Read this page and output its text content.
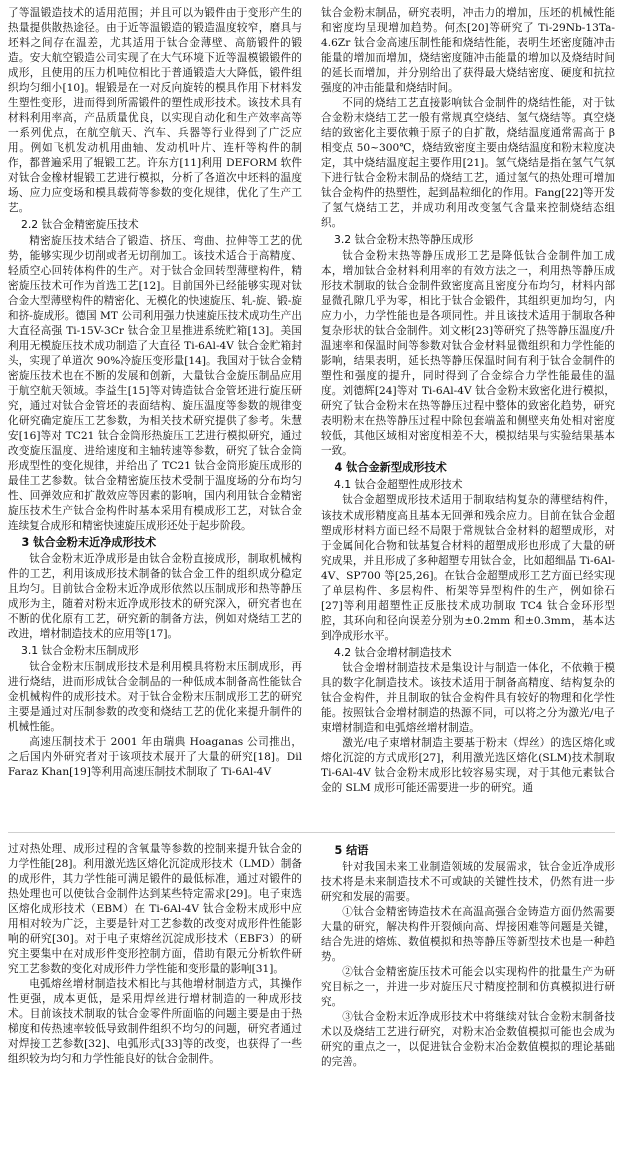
了等温锻造技术的适用范围；并且可以为锻件由于变形产生的热量提供散热途径。由于近等温锻造的锻造温度较窄，磨具与坯料之间存在温差，尤其适用于钛合金薄壁、高筋锻件的锻造。安大航空锻造公司实现了在大气环境下近等温模锻锻件的成形，且使用的压力机吨位相比于普通锻造大大降低，锻件组织均匀细小[10]。辊锻是在一对反向旋转的模具作用下材料发生塑性变形，进而得到所需锻件的塑性成形技术。该技术具有材料利用率高，产品质量优良，以实现自动化和生产效率高等一系列优点，在航空航天、汽车、兵器等行业得到了广泛应用。例如飞机发动机用曲轴、发动机叶片、连杆等构件的制作，都普遍采用了辊锻工艺。许东方[11]利用 DEFORM 软件对钛合金橡材辊锻工艺进行模拟，分析了各道次中坯料的温度场、应力应变场和模具载荷等参数的变化规律，优化了生产工艺。

2.2 钛合金精密旋压技术

精密旋压技术结合了锻造、挤压、弯曲、拉伸等工艺的优势，能够实现少切削或者无切削加工。该技术适合于高精度、轻质空心回转体构件的生产。对于钛合金回转型薄壁构件，精密旋压技术可作为首选工艺[12]。目前国外已经能够实现对钛合金大型薄壁构件的精密化、无模化的快速旋压、轧-旋、锻-旋和挤-旋成形。德国 MT 公司利用强力快速旋压技术成功生产出大直径高强 Ti-15V-3Cr 钛合金卫星推进系统贮箱[13]。美国利用无模旋压技术成功制造了大直径 Ti-6Al-4V 钛合金贮箱封头，实现了单道次 90%冷旋压变形量[14]。我国对于钛合金精密旋压技术也在不断的发展和创新，大量钛合金旋压制品应用于航空航天领域。李益生[15]等对铸造钛合金管坯进行旋压研究，通过对钛合金管坯的表面结构、旋压温度等参数的规律变化研究确定旋压工艺参数，为相关技术研究提供了参考。朱慧安[16]等对 TC21 钛合金筒形热旋压工艺进行模拟研究，通过改变旋压温度、进给速度和主轴转速等参数，研究了钛合金筒形成型性的变化规律，并给出了 TC21 钛合金筒形旋压成形的最佳工艺参数。钛合金精密旋压技术受制于温度场的分布均匀性、回弹效应和扩散效应等因素的影响，国内利用钛合金精密旋压技术生产钛合金构件时基本采用有模成形工艺，对钛合金连续复合成形和精密快速旋压成形还处于起步阶段。

3 钛合金粉末近净成形技术

钛合金粉末近净成形是由钛合金粉直接成形，制取机械构件的工艺，利用该成形技术制备的钛合金工件的组织成分稳定且均匀。目前钛合金粉末近净成形依然以压制成形和热等静压成形为主，随着对粉末近净成形技术的研究深入，研究者也在不断的优化原有工艺，研究新的制备方法，例如对烧结工艺的改进，增材制造技术的应用等[17]。

3.1 钛合金粉末压制成形

钛合金粉末压制成形技术是利用模具将粉末压制成形，再进行烧结，进而形成钛合金制品的一种低成本制备高性能钛合金机械构件的成形技术。对于钛合金粉末压制成形工艺的研究主要是通过对压制参数的改变和烧结工艺的优化来提升制件的机械性能。

高速压制技术于 2001 年由瑞典 Hoaganas 公司推出，之后国内外研究者对于该项技术展开了大量的研究[18]。Dil Faraz Khan[19]等利用高速压制技术制取了 Ti-6Al-4V

钛合金粉末制品，研究表明，冲击力的增加，压坯的机械性能和密度均呈现增加趋势。何杰[20]等研究了 Ti-29Nb-13Ta-4.6Zr 钛合金高速压制性能和烧结性能，表明生坯密度随冲击能量的增加而增加，烧结密度随冲击能量的增加以及烧结时间的延长而增加，并分别给出了获得最大烧结密度、硬度和抗拉强度的冲击能量和烧结时间。

不同的烧结工艺直接影响钛合金制件的烧结性能，对于钛合金粉末烧结工艺一般有常规真空烧结、氢气烧结等。真空烧结的致密化主要依赖于原子的自扩散，烧结温度通常需高于 β 相变点 50~300℃，烧结致密度主要由烧结温度和粉末粒度决定，其中烧结温度起主要作用[21]。氢气烧结是指在氢气气氛下进行钛合金粉末制品的烧结工艺，通过氢气的热处理可增加钛合金构件的热塑性，起到晶粒细化的作用。Fang[22]等开发了氢气烧结工艺，并成功利用改变氢气含量来控制烧结态组织。

3.2 钛合金粉末热等静压成形

钛合金粉末热等静压成形工艺是降低钛合金制件加工成本，增加钛合金材料利用率的有效方法之一，利用热等静压成形技术制取的钛合金制件致密度高且密度分布均匀，材料内部显微孔隙几乎为零，相比于钛合金锻件，其组织更加均匀，内应力小，力学性能也是各项同性。并且该技术适用于制取各种复杂形状的钛合金制件。刘文彬[23]等研究了热等静压温度/升温速率和保温时间等参数对钛合金材料显微组织和力学性能的影响，结果表明，延长热等静压保温时间有利于钛合金制件的塑性和强度的提升，同时得到了合金综合力学性能最佳的温度。刘德辉[24]等对 Ti-6Al-4V 钛合金粉末致密化进行模拟，研究了钛合金粉末在热等静压过程中整体的致密化趋势，研究表明粉末在热等静压过程中除包套端盖和侧壁夹角处相对密度较低，其他区域相对密度相差不大，模拟结果与实验结果基本一致。

4 钛合金新型成形技术
4.1 钛合金超塑性成形技术

钛合金超塑成形技术适用于制取结构复杂的薄壁结构件，该技术成形精度高且基本无回弹和残余应力。目前在钛合金超塑成形材料方面已经不局限于常规钛合金材料的超塑成形，对于金属间化合物和钛基复合材料的超塑成形也形成了大量的研究成果，并且形成了多种超塑专用钛合金，比如超细晶 Ti-6Al-4V、SP700 等[25,26]。在钛合金超塑成形工艺方面已经实现了单层构件、多层构件、桁架等异型构件的生产，例如徐石[27]等利用超塑性正反胀技术成功制取 TC4 钛合金环形型腔，其环向和径向误差分别为±0.2mm 和±0.3mm，基本达到净成形水平。

4.2 钛合金增材制造技术

钛合金增材制造技术是集设计与制造一体化，不依赖于模具的数字化制造技术。该技术适用于制备高精度、结构复杂的钛合金构件，并且制取的钛合金构件具有较好的物理和化学性能。按照钛合金增材制造的热源不同，可以将之分为激光/电子束增材制造和电弧熔丝增材制造。

激光/电子束增材制造主要基于粉末（焊丝）的选区熔化或熔化沉淀的方式成形[27]，利用激光选区熔化(SLM)技术制取 Ti-6Al-4V 钛合金粉末成形比较容易实现，对于其他元素钛合金的 SLM 成形可能还需要进一步的研究。通

过对热处理、成形过程的含氧量等参数的控制来提升钛合金的力学性能[28]。利用激光选区熔化沉淀成形技术（LMD）制备的成形件，其力学性能可满足锻件的最低标准，通过对锻件的热处理也可以使钛合金制件达到某些特定需求[29]。电子束选区熔化成形技术（EBM）在 Ti-6Al-4V 钛合金粉末成形中应用相对较为广泛，主要是针对工艺参数的改变对成形件性能影响的研究[30]。对于电子束熔丝沉淀成形技术（EBF3）的研究主要集中在对成形件变形控制方面，借助有限元分析软件研究工艺参数的变化对成形件力学性能和变形量的影响[31]。

电弧熔丝增材制造技术相比与其他增材制造方式，其操作性更强，成本更低，是采用焊丝进行增材制造的一种成形技术。目前该技术制取的钛合金零件所面临的问题主要是由于热梯度和传热速率较低导致制件组织不均匀的问题，研究者通过对焊接工艺参数[32]、电弧形式[33]等的改变，也获得了一些组织较为均匀和力学性能良好的钛合金制件。

5 结语

针对我国未来工业制造领域的发展需求，钛合金近净成形技术将是未来制造技术不可或缺的关键性技术，仍然有进一步研究和发展的需要。

①钛合金精密铸造技术在高温高强合金铸造方面仍然需要大量的研究，解决构件开裂倾向高、焊接困难等问题是关键，结合先进的熔炼、数值模拟和热等静压等新型技术也是一种趋势。

②钛合金精密旋压技术可能会以实现构件的批量生产为研究目标之一，并进一步对旋压尺寸精度控制和仿真模拟进行研究。

③钛合金粉末近净成形技术中将继续对钛合金粉末制备技术以及烧结工艺进行研究，对粉末冶金数值模拟可能也会成为研究的重点之一，以促进钛合金粉末冶金数值模拟的理论基础的完善。
